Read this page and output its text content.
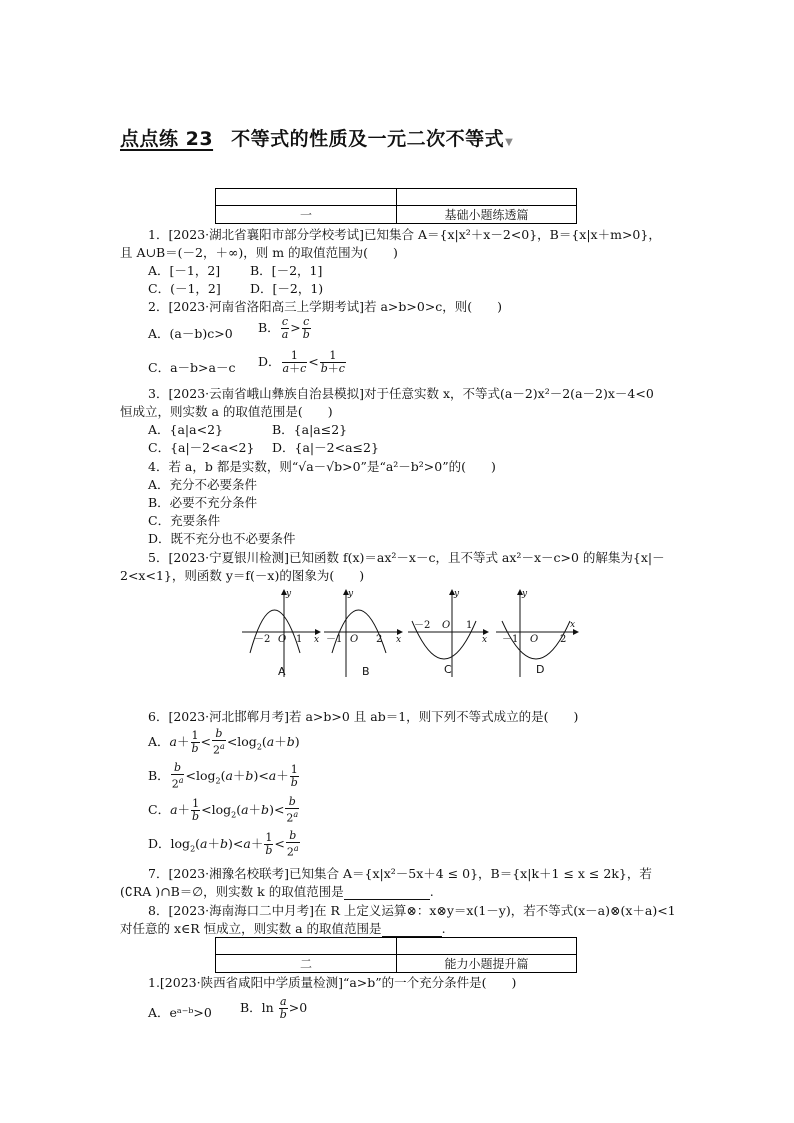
点点练 23 不等式的性质及一元二次不等式▼

一	基础小题练透篇
1．[2023·湖北省襄阳市部分学校考试]已知集合 A＝{x|x²＋x－2<0}，B＝{x|x＋m>0}，
且 A∪B＝(－2，＋∞)，则 m 的取值范围为(　　)
A．[－1，2] B．[－2，1]
C．(－1，2] D．[－2，1)
2．[2023·河南省洛阳高三上学期考试]若 a>b>0>c，则(　　)
A．(a－b)c>0 B． $\frac{c}{a} > \frac{c}{b}$
C．a－b>a－c D． $\frac{1}{a+c} < \frac{1}{b+c}$
3．[2023·云南省峨山彝族自治县模拟]对于任意实数 x，不等式(a－2)x²－2(a－2)x－4<0
恒成立，则实数 a 的取值范围是(　　)
A．{a|a<2}	B．{a|a≤2}
C．{a|－2<a<2} D．{a|－2<a≤2}
4．若 a，b 都是实数，则“√a－√b>0”是“a²－b²>0”的(　　)
A．充分不必要条件
B．必要不充分条件
C．充要条件
D．既不充分也不必要条件
5．[2023·宁夏银川检测]已知函数 f(x)＝ax²－x－c，且不等式 ax²－x－c>0 的解集为{x|－
2<x<1}，则函数 y＝f(－x)的图象为(　　)
－2 O 1 x
y
－1 O 2 x
y
－2 O 1
x
y
－1 O 2
x
y
A	B	C	D
6．[2023·河北邯郸月考]若 a>b>0 且 ab＝1，则下列不等式成立的是(　　)
A．$a+ \frac{1}{b} < \frac{b}{2^a} <\log_2(a+b)$
B． $\frac{b}{2^a} <\log_2(a+b)<a+ \frac{1}{b}$
C．$a+ \frac{1}{b} <\log_2(a+b)< \frac{b}{2^a}$
D．$\log_2(a+b)<a+ \frac{1}{b} < \frac{b}{2^a}$
7．[2023·湘豫名校联考]已知集合 A＝{x|x²－5x＋4 ≤ 0}，B＝{x|k＋1 ≤ x ≤ 2k}，若
(∁RA )∩B＝∅，则实数 k 的取值范围是	.
8．[2023·海南海口二中月考]在 R 上定义运算⊗：x⊗y＝x(1－y)，若不等式(x－a)⊗(x＋a)<1
对任意的 x∈R 恒成立，则实数 a 的取值范围是	.

二	能力小题提升篇
1.[2023·陕西省咸阳中学质量检测]“a>b”的一个充分条件是(　　)
A．eᵃ⁻ᵇ>0 B．$\ln \frac{a}{b} >0$
